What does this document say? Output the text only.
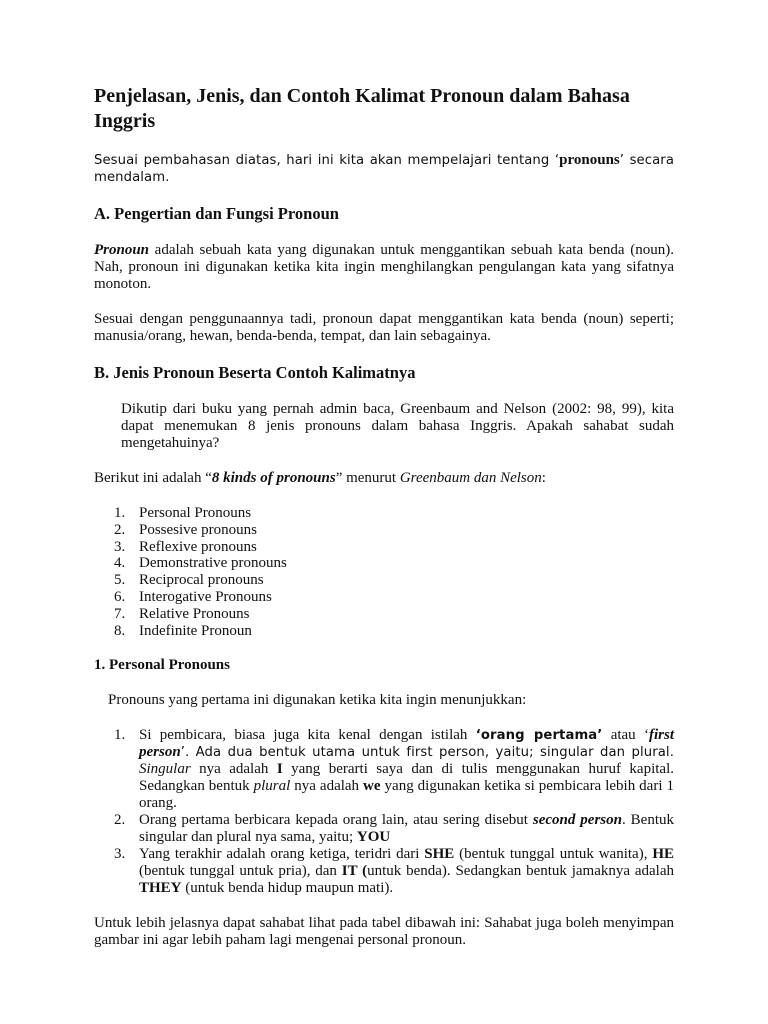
Penjelasan, Jenis, dan Contoh Kalimat Pronoun dalam Bahasa Inggris

Sesuai pembahasan diatas, hari ini kita akan mempelajari tentang ‘pronouns’ secara mendalam.

A. Pengertian dan Fungsi Pronoun

Pronoun adalah sebuah kata yang digunakan untuk menggantikan sebuah kata benda (noun). Nah, pronoun ini digunakan ketika kita ingin menghilangkan pengulangan kata yang sifatnya monoton.

Sesuai dengan penggunaannya tadi, pronoun dapat menggantikan kata benda (noun) seperti; manusia/orang, hewan, benda-benda, tempat, dan lain sebagainya.

B. Jenis Pronoun Beserta Contoh Kalimatnya

Dikutip dari buku yang pernah admin baca, Greenbaum and Nelson (2002: 98, 99), kita dapat menemukan 8 jenis pronouns dalam bahasa Inggris. Apakah sahabat sudah mengetahuinya?

Berikut ini adalah “8 kinds of pronouns” menurut Greenbaum dan Nelson:

1. Personal Pronouns
2. Possesive pronouns
3. Reflexive pronouns
4. Demonstrative pronouns
5. Reciprocal pronouns
6. Interogative Pronouns
7. Relative Pronouns
8. Indefinite Pronoun
1. Personal Pronouns

Pronouns yang pertama ini digunakan ketika kita ingin menunjukkan:

1. Si pembicara, biasa juga kita kenal dengan istilah ‘orang pertama’ atau ‘first person’. Ada dua bentuk utama untuk first person, yaitu; singular dan plural. Singular nya adalah I yang berarti saya dan di tulis menggunakan huruf kapital. Sedangkan bentuk plural nya adalah we yang digunakan ketika si pembicara lebih dari 1 orang.
2. Orang pertama berbicara kepada orang lain, atau sering disebut second person. Bentuk singular dan plural nya sama, yaitu; YOU
3. Yang terakhir adalah orang ketiga, teridri dari SHE (bentuk tunggal untuk wanita), HE (bentuk tunggal untuk pria), dan IT (untuk benda). Sedangkan bentuk jamaknya adalah THEY (untuk benda hidup maupun mati).

Untuk lebih jelasnya dapat sahabat lihat pada tabel dibawah ini: Sahabat juga boleh menyimpan gambar ini agar lebih paham lagi mengenai personal pronoun.
